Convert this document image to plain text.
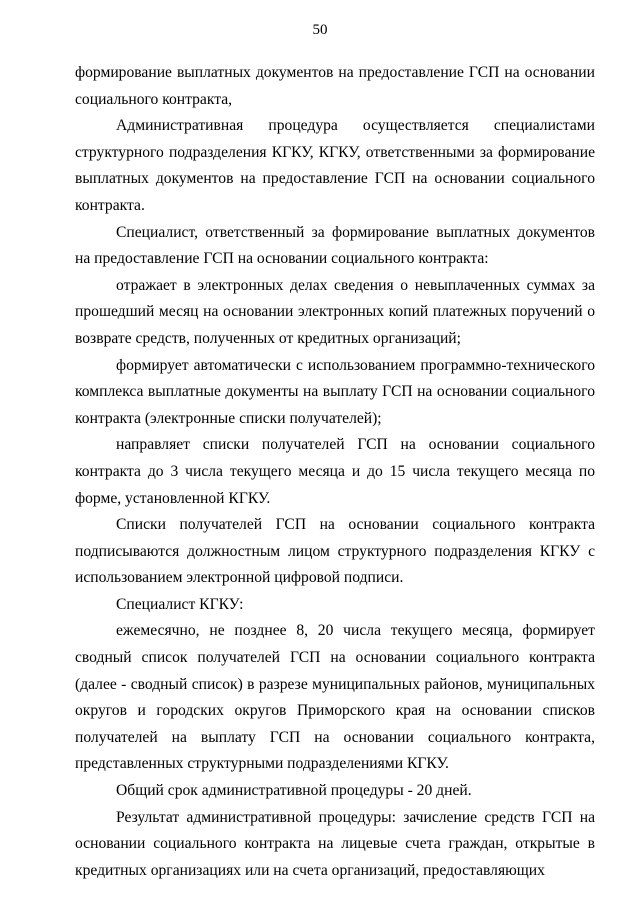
50

формирование выплатных документов на предоставление ГСП на основании социального контракта,

Административная процедура осуществляется специалистами структурного подразделения КГКУ, КГКУ, ответственными за формирование выплатных документов на предоставление ГСП на основании социального контракта.

Специалист, ответственный за формирование выплатных документов на предоставление ГСП на основании социального контракта:

отражает в электронных делах сведения о невыплаченных суммах за прошедший месяц на основании электронных копий платежных поручений о возврате средств, полученных от кредитных организаций;

формирует автоматически с использованием программно-технического комплекса выплатные документы на выплату ГСП на основании социального контракта (электронные списки получателей);

направляет списки получателей ГСП на основании социального контракта до 3 числа текущего месяца и до 15 числа текущего месяца по форме, установленной КГКУ.

Списки получателей ГСП на основании социального контракта подписываются должностным лицом структурного подразделения КГКУ с использованием электронной цифровой подписи.

Специалист КГКУ:

ежемесячно, не позднее 8, 20 числа текущего месяца, формирует сводный список получателей ГСП на основании социального контракта (далее - сводный список) в разрезе муниципальных районов, муниципальных округов и городских округов Приморского края на основании списков получателей на выплату ГСП на основании социального контракта, представленных структурными подразделениями КГКУ.

Общий срок административной процедуры - 20 дней.

Результат административной процедуры: зачисление средств ГСП на основании социального контракта на лицевые счета граждан, открытые в кредитных организациях или на счета организаций, предоставляющих
